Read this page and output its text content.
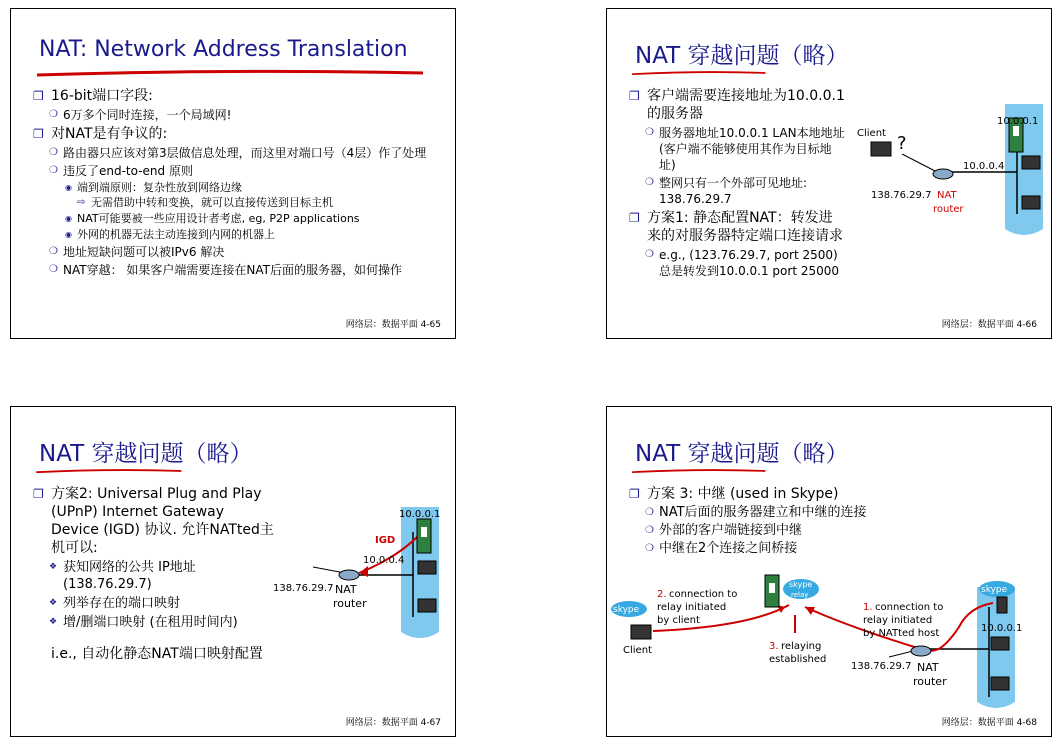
NAT: Network Address Translation
❐ 16-bit端口字段:
❍ 6万多个同时连接，一个局域网!
❐ 对NAT是有争议的:
❍ 路由器只应该对第3层做信息处理，而这里对端口号（4层）作了处理
❍ 违反了end-to-end 原则
◉ 端到端原则：复杂性放到网络边缘
⇨ 无需借助中转和变换，就可以直接传送到目标主机
◉ NAT可能要被一些应用设计者考虑, eg, P2P applications
◉ 外网的机器无法主动连接到内网的机器上
❍ 地址短缺问题可以被IPv6 解决
❍ NAT穿越： 如果客户端需要连接在NAT后面的服务器，如何操作
网络层：数据平面 4-65
NAT 穿越问题（略）
❐ 客户端需要连接地址为10.0.0.1的服务器
❍ 服务器地址10.0.0.1 LAN本地地址 (客户端不能够使用其作为目标地址)
❍ 整网只有一个外部可见地址: 138.76.29.7
❐ 方案1: 静态配置NAT：转发进来的对服务器特定端口连接请求
❍ e.g., (123.76.29.7, port 2500) 总是转发到10.0.0.1 port 25000
Client ?
10.0.0.1
10.0.0.4
138.76.29.7 NAT
router
网络层：数据平面 4-66
NAT 穿越问题（略）
❐ 方案2: Universal Plug and Play (UPnP) Internet Gateway Device (IGD) 协议. 允许NATted主机可以:
❖ 获知网络的公共 IP地址 (138.76.29.7)
❖ 列举存在的端口映射
❖ 增/删端口映射 (在租用时间内)
i.e., 自动化静态NAT端口映射配置
IGD
10.0.0.1
10.0.0.4
138.76.29.7 NAT
router
网络层：数据平面 4-67
NAT 穿越问题（略）
❐ 方案 3: 中继 (used in Skype)
❍ NAT后面的服务器建立和中继的连接
❍ 外部的客户端链接到中继
❍ 中继在2个连接之间桥接
skype
relay
skype
skype
2. connection to
relay initiated
by client
Client	3. relaying
established
1. connection to
relay initiated
by NATted host	10.0.0.1
138.76.29.7 NAT
router
网络层：数据平面 4-68
